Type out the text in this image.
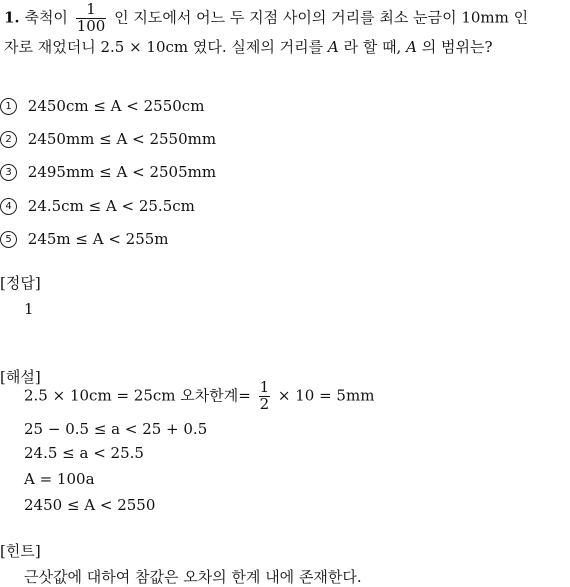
1. 축척이 $\frac{1}{100}$ 인 지도에서 어느 두 지점 사이의 거리를 최소 눈금이 10mm 인
자로 재었더니 2.5 × 10cm 였다. 실제의 거리를 A 라 할 때, A 의 범위는?
1 2450cm ≤ A < 2550cm
2 2450mm ≤ A < 2550mm
3 2495mm ≤ A < 2505mm
4 24.5cm ≤ A < 25.5cm
5 245m ≤ A < 255m
[정답]
1
[해설]
2.5 × 10cm = 25cm 오차한계= $\frac{1}{2} \times 10 = 5mm$
25 − 0.5 ≤ a < 25 + 0.5
24.5 ≤ a < 25.5
A = 100a
2450 ≤ A < 2550
[힌트]
근삿값에 대하여 참값은 오차의 한계 내에 존재한다.
